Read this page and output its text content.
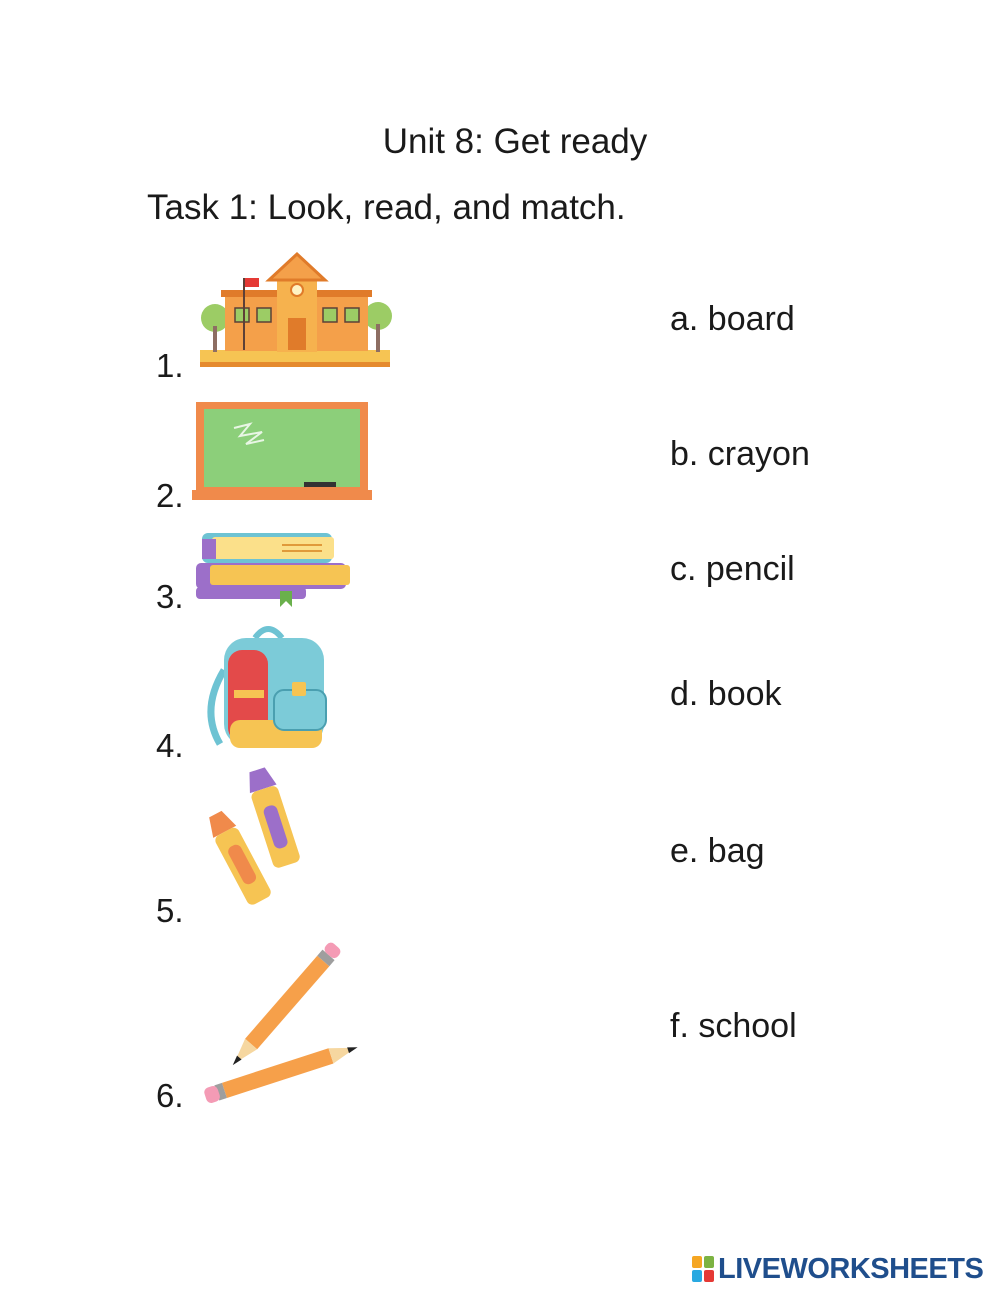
Unit 8: Get ready
Task 1: Look, read, and match.
1.
2.
3.
4.
5.
6.
a. board
b. crayon
c. pencil
d. book
e. bag
f. school
LIVEWORKSHEETS
